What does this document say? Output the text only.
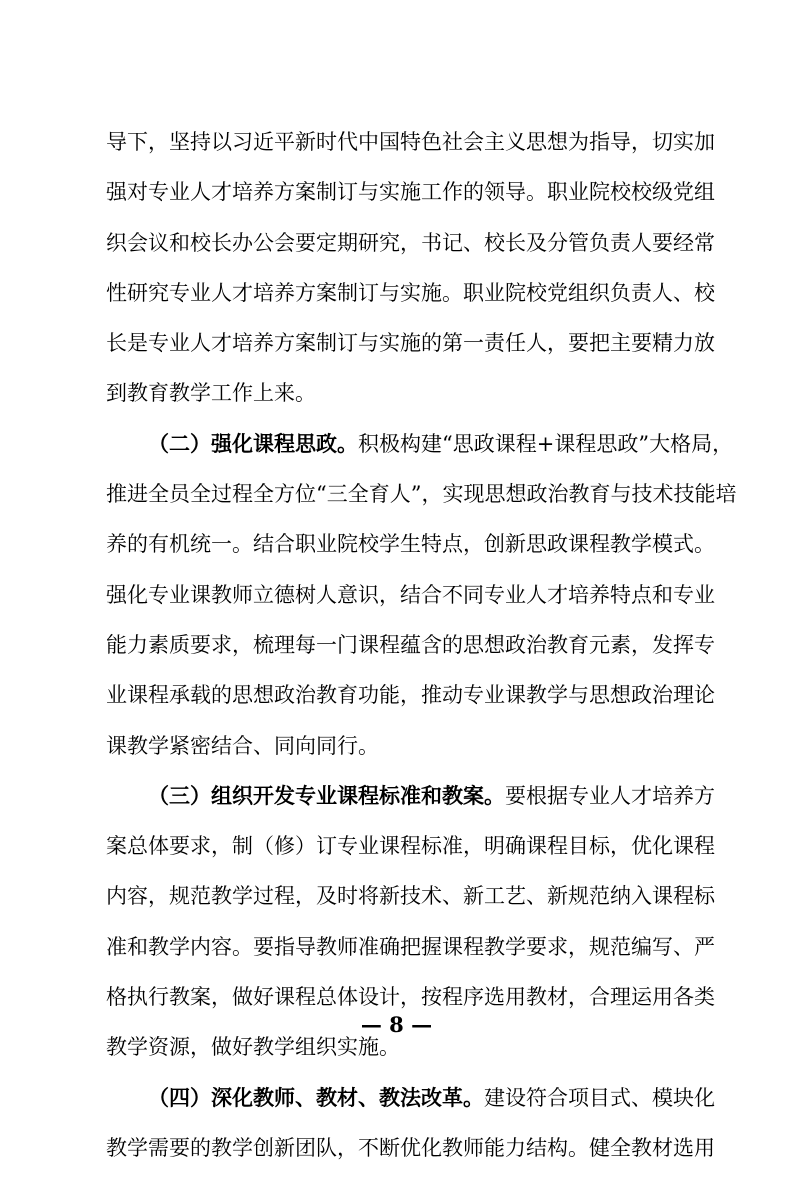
导下，坚持以习近平新时代中国特色社会主义思想为指导，切实加
强对专业人才培养方案制订与实施工作的领导。职业院校校级党组
织会议和校长办公会要定期研究，书记、校长及分管负责人要经常
性研究专业人才培养方案制订与实施。职业院校党组织负责人、校
长是专业人才培养方案制订与实施的第一责任人，要把主要精力放
到教育教学工作上来。
（二）强化课程思政。积极构建“思政课程+课程思政”大格局，
推进全员全过程全方位“三全育人”，实现思想政治教育与技术技能培
养的有机统一。结合职业院校学生特点，创新思政课程教学模式。
强化专业课教师立德树人意识，结合不同专业人才培养特点和专业
能力素质要求，梳理每一门课程蕴含的思想政治教育元素，发挥专
业课程承载的思想政治教育功能，推动专业课教学与思想政治理论
课教学紧密结合、同向同行。
（三）组织开发专业课程标准和教案。要根据专业人才培养方
案总体要求，制（修）订专业课程标准，明确课程目标，优化课程
内容，规范教学过程，及时将新技术、新工艺、新规范纳入课程标
准和教学内容。要指导教师准确把握课程教学要求，规范编写、严
格执行教案，做好课程总体设计，按程序选用教材，合理运用各类
教学资源，做好教学组织实施。
（四）深化教师、教材、教法改革。建设符合项目式、模块化
教学需要的教学创新团队，不断优化教师能力结构。健全教材选用
— 8 —
